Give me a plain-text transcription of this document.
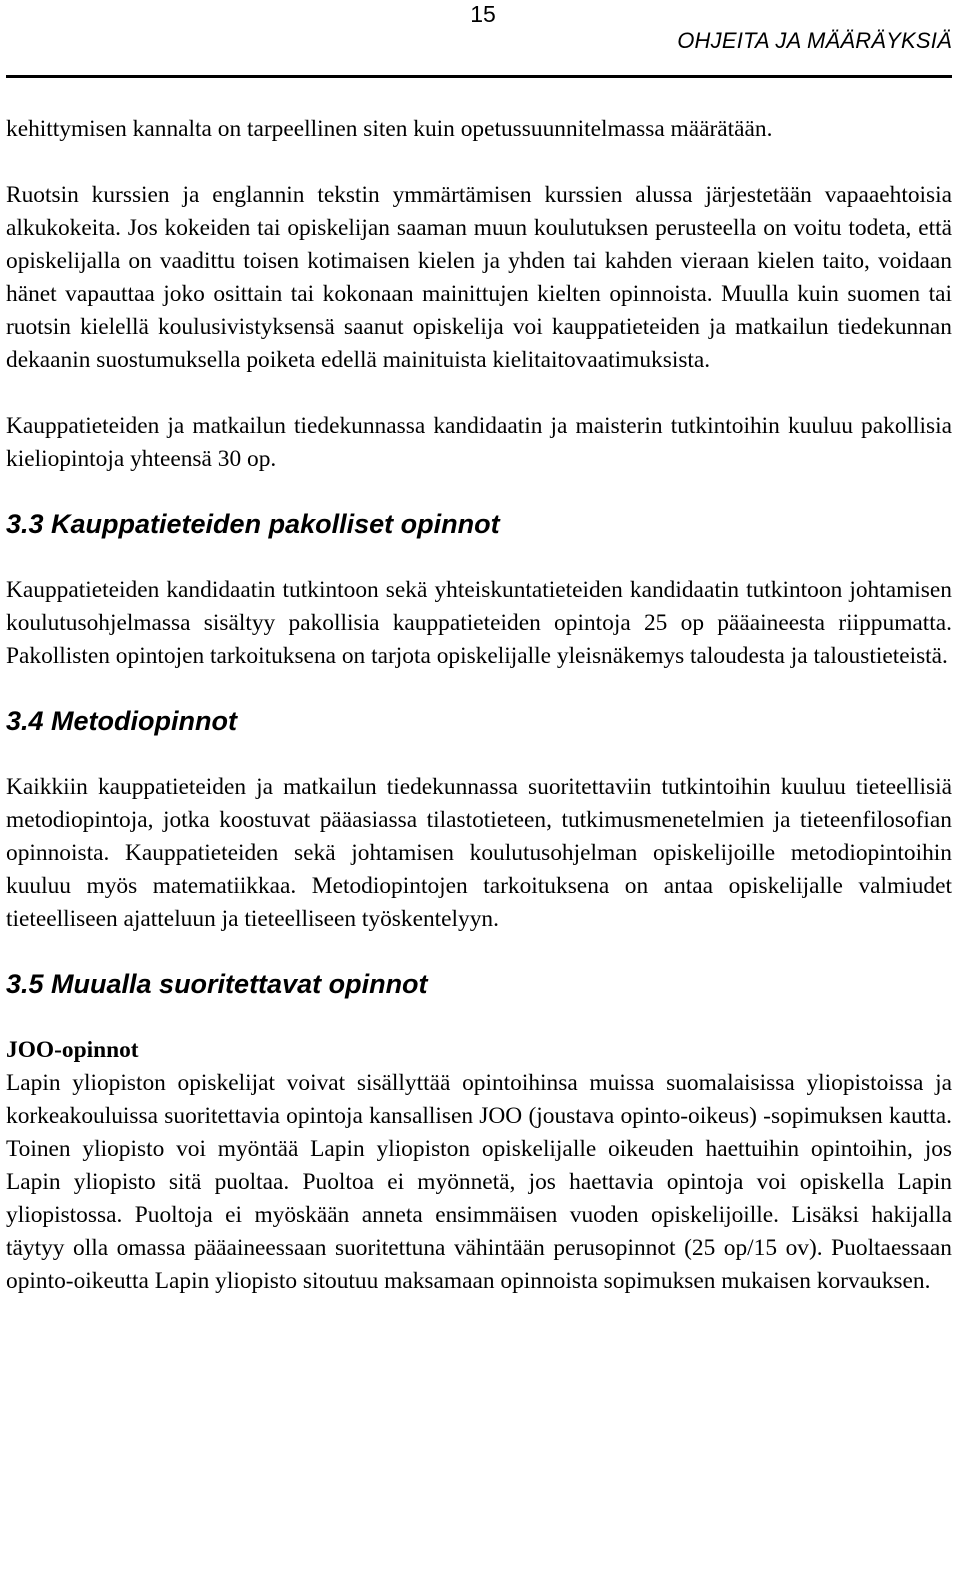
15
OHJEITA JA MÄÄRÄYKSIÄ

kehittymisen kannalta on tarpeellinen siten kuin opetussuunnitelmassa määrätään.

Ruotsin kurssien ja englannin tekstin ymmärtämisen kurssien alussa järjestetään vapaaehtoisia alkukokeita. Jos kokeiden tai opiskelijan saaman muun koulutuksen perusteella on voitu todeta, että opiskelijalla on vaadittu toisen kotimaisen kielen ja yhden tai kahden vieraan kielen taito, voidaan hänet vapauttaa joko osittain tai kokonaan mainittujen kielten opinnoista. Muulla kuin suomen tai ruotsin kielellä koulusivistyksensä saanut opiskelija voi kauppatieteiden ja matkailun tiedekunnan dekaanin suostumuksella poiketa edellä mainituista kielitaitovaatimuksista.

Kauppatieteiden ja matkailun tiedekunnassa kandidaatin ja maisterin tutkintoihin kuuluu pakollisia kieliopintoja yhteensä 30 op.

3.3 Kauppatieteiden pakolliset opinnot

Kauppatieteiden kandidaatin tutkintoon sekä yhteiskuntatieteiden kandidaatin tutkintoon johtamisen koulutusohjelmassa sisältyy pakollisia kauppatieteiden opintoja 25 op pääaineesta riippumatta. Pakollisten opintojen tarkoituksena on tarjota opiskelijalle yleisnäkemys taloudesta ja taloustieteistä.

3.4 Metodiopinnot

Kaikkiin kauppatieteiden ja matkailun tiedekunnassa suoritettaviin tutkintoihin kuuluu tieteellisiä metodiopintoja, jotka koostuvat pääasiassa tilastotieteen, tutkimusmenetelmien ja tieteenfilosofian opinnoista. Kauppatieteiden sekä johtamisen koulutusohjelman opiskelijoille metodiopintoihin kuuluu myös matematiikkaa. Metodiopintojen tarkoituksena on antaa opiskelijalle valmiudet tieteelliseen ajatteluun ja tieteelliseen työskentelyyn.

3.5 Muualla suoritettavat opinnot
JOO-opinnot

Lapin yliopiston opiskelijat voivat sisällyttää opintoihinsa muissa suomalaisissa yliopistoissa ja korkeakouluissa suoritettavia opintoja kansallisen JOO (joustava opinto-oikeus) -sopimuksen kautta. Toinen yliopisto voi myöntää Lapin yliopiston opiskelijalle oikeuden haettuihin opintoihin, jos Lapin yliopisto sitä puoltaa. Puoltoa ei myönnetä, jos haettavia opintoja voi opiskella Lapin yliopistossa. Puoltoja ei myöskään anneta ensimmäisen vuoden opiskelijoille. Lisäksi hakijalla täytyy olla omassa pääaineessaan suoritettuna vähintään perusopinnot (25 op/15 ov). Puoltaessaan opinto-oikeutta Lapin yliopisto sitoutuu maksamaan opinnoista sopimuksen mukaisen korvauksen.
